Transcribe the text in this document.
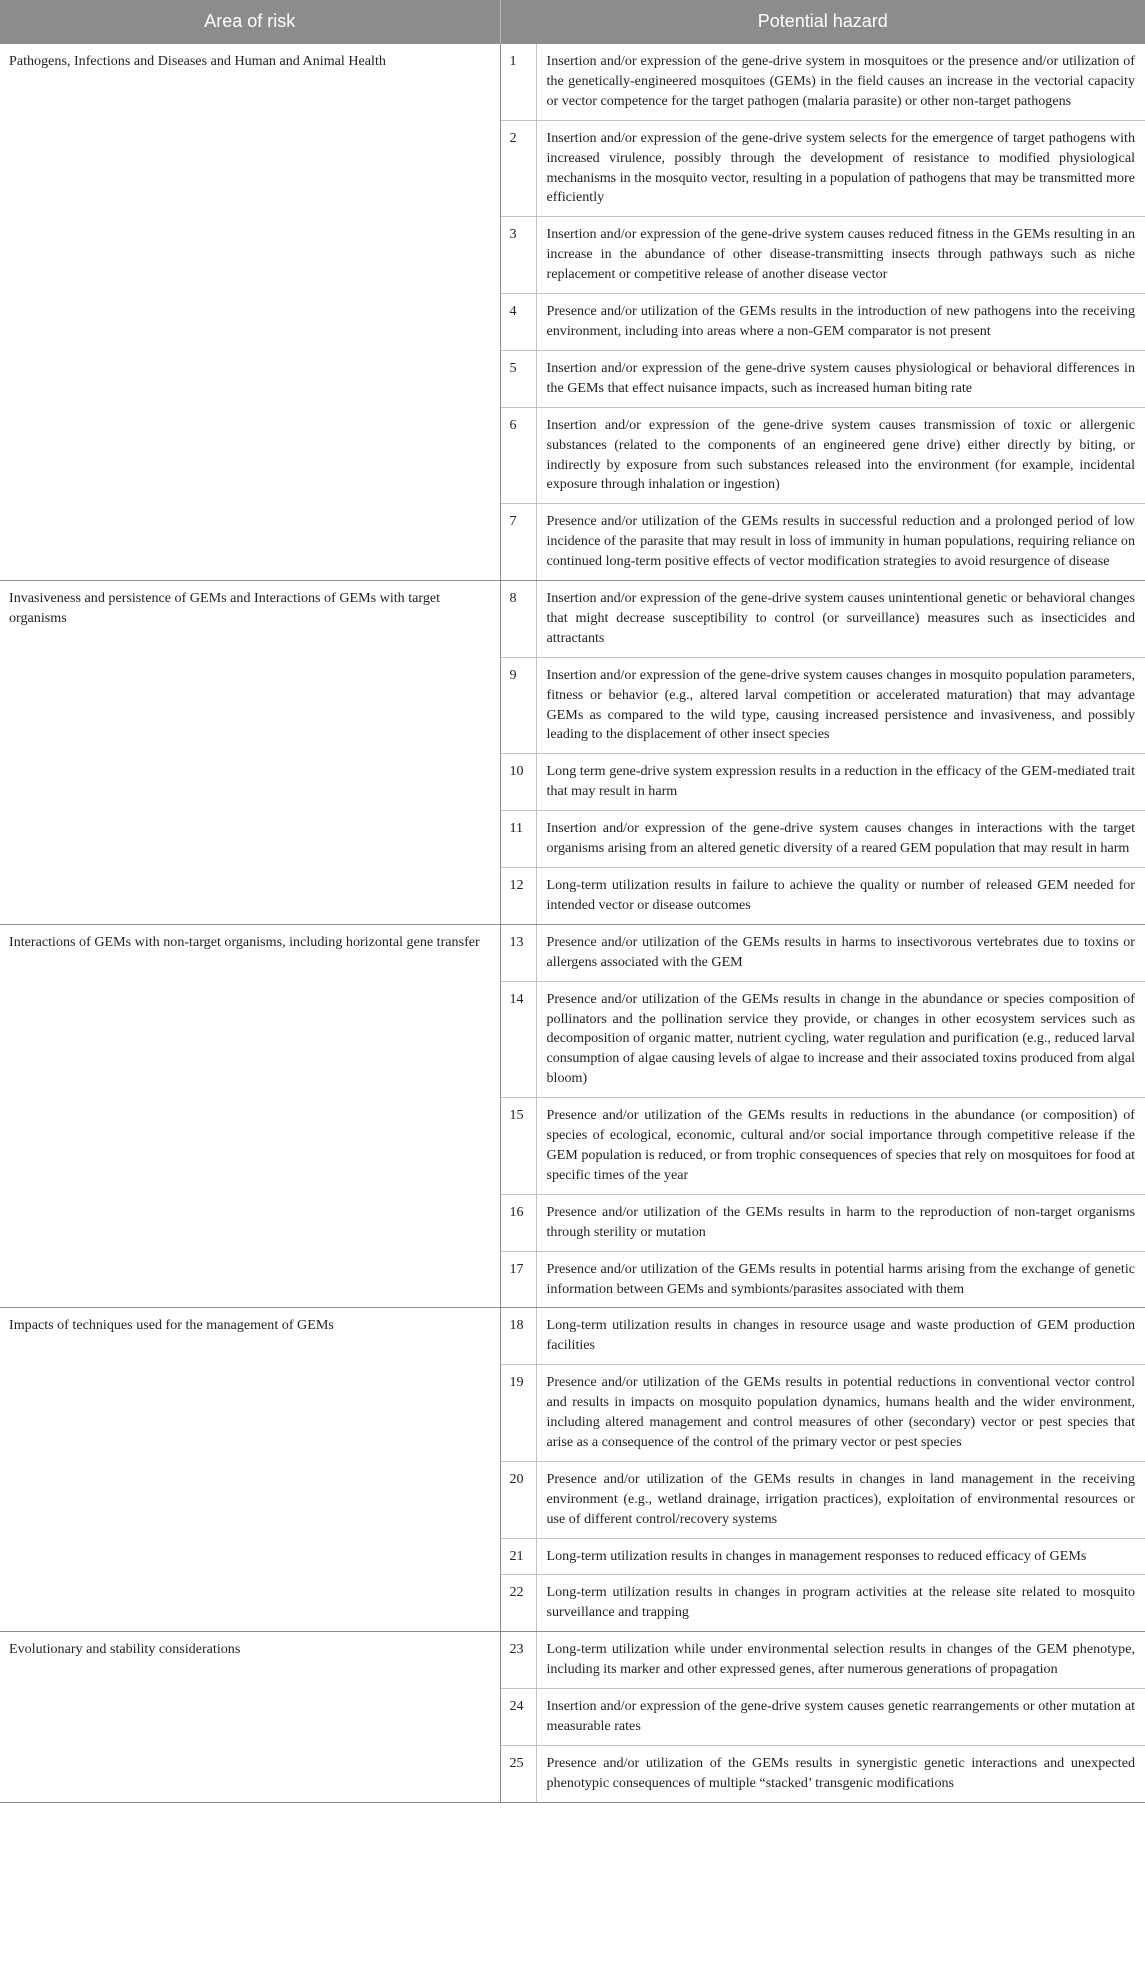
Area of risk	Potential hazard	
Pathogens, Infections and Diseases and Human and Animal Health	1	Insertion and/or expression of the gene-drive system in mosquitoes or the presence and/or utilization of the genetically-engineered mosquitoes (GEMs) in the field causes an increase in the vectorial capacity or vector competence for the target pathogen (malaria parasite) or other non-target pathogens
	2	Insertion and/or expression of the gene-drive system selects for the emergence of target pathogens with increased virulence, possibly through the development of resistance to modified physiological mechanisms in the mosquito vector, resulting in a population of pathogens that may be transmitted more efficiently
	3	Insertion and/or expression of the gene-drive system causes reduced fitness in the GEMs resulting in an increase in the abundance of other disease-transmitting insects through pathways such as niche replacement or competitive release of another disease vector
	4	Presence and/or utilization of the GEMs results in the introduction of new pathogens into the receiving environment, including into areas where a non-GEM comparator is not present
	5	Insertion and/or expression of the gene-drive system causes physiological or behavioral differences in the GEMs that effect nuisance impacts, such as increased human biting rate
	6	Insertion and/or expression of the gene-drive system causes transmission of toxic or allergenic substances (related to the components of an engineered gene drive) either directly by biting, or indirectly by exposure from such substances released into the environment (for example, incidental exposure through inhalation or ingestion)
	7	Presence and/or utilization of the GEMs results in successful reduction and a prolonged period of low incidence of the parasite that may result in loss of immunity in human populations, requiring reliance on continued long-term positive effects of vector modification strategies to avoid resurgence of disease
Invasiveness and persistence of GEMs and Interactions of GEMs with target organisms	8	Insertion and/or expression of the gene-drive system causes unintentional genetic or behavioral changes that might decrease susceptibility to control (or surveillance) measures such as insecticides and attractants
	9	Insertion and/or expression of the gene-drive system causes changes in mosquito population parameters, fitness or behavior (e.g., altered larval competition or accelerated maturation) that may advantage GEMs as compared to the wild type, causing increased persistence and invasiveness, and possibly leading to the displacement of other insect species
	10	Long term gene-drive system expression results in a reduction in the efficacy of the GEM-mediated trait that may result in harm
	11	Insertion and/or expression of the gene-drive system causes changes in interactions with the target organisms arising from an altered genetic diversity of a reared GEM population that may result in harm
	12	Long-term utilization results in failure to achieve the quality or number of released GEM needed for intended vector or disease outcomes
Interactions of GEMs with non-target organisms, including horizontal gene transfer	13	Presence and/or utilization of the GEMs results in harms to insectivorous vertebrates due to toxins or allergens associated with the GEM
	14	Presence and/or utilization of the GEMs results in change in the abundance or species composition of pollinators and the pollination service they provide, or changes in other ecosystem services such as decomposition of organic matter, nutrient cycling, water regulation and purification (e.g., reduced larval consumption of algae causing levels of algae to increase and their associated toxins produced from algal bloom)
	15	Presence and/or utilization of the GEMs results in reductions in the abundance (or composition) of species of ecological, economic, cultural and/or social importance through competitive release if the GEM population is reduced, or from trophic consequences of species that rely on mosquitoes for food at specific times of the year
	16	Presence and/or utilization of the GEMs results in harm to the reproduction of non-target organisms through sterility or mutation
	17	Presence and/or utilization of the GEMs results in potential harms arising from the exchange of genetic information between GEMs and symbionts/parasites associated with them
Impacts of techniques used for the management of GEMs	18	Long-term utilization results in changes in resource usage and waste production of GEM production facilities
	19	Presence and/or utilization of the GEMs results in potential reductions in conventional vector control and results in impacts on mosquito population dynamics, humans health and the wider environment, including altered management and control measures of other (secondary) vector or pest species that arise as a consequence of the control of the primary vector or pest species
	20	Presence and/or utilization of the GEMs results in changes in land management in the receiving environment (e.g., wetland drainage, irrigation practices), exploitation of environmental resources or use of different control/recovery systems
	21	Long-term utilization results in changes in management responses to reduced efficacy of GEMs
	22	Long-term utilization results in changes in program activities at the release site related to mosquito surveillance and trapping
Evolutionary and stability considerations	23	Long-term utilization while under environmental selection results in changes of the GEM phenotype, including its marker and other expressed genes, after numerous generations of propagation
	24	Insertion and/or expression of the gene-drive system causes genetic rearrangements or other mutation at measurable rates
	25	Presence and/or utilization of the GEMs results in synergistic genetic interactions and unexpected phenotypic consequences of multiple “stacked’ transgenic modifications
